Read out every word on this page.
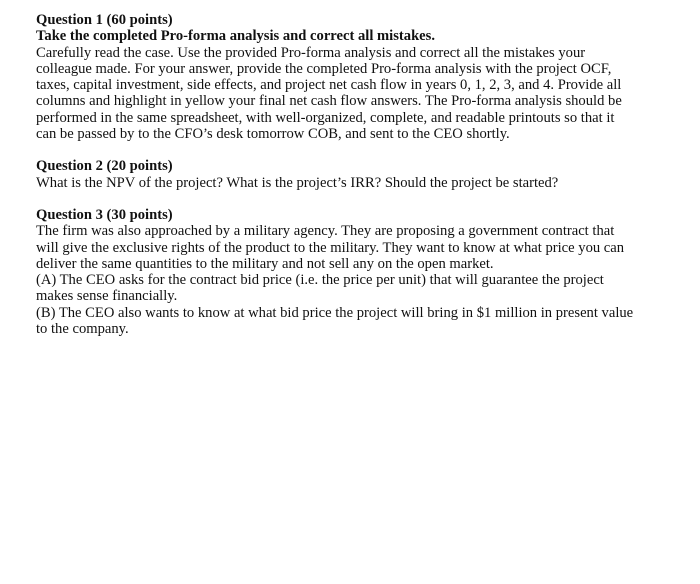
Question 1 (60 points)
Take the completed Pro-forma analysis and correct all mistakes.

Carefully read the case. Use the provided Pro-forma analysis and correct all the mistakes your colleague made. For your answer, provide the completed Pro-forma analysis with the project OCF, taxes, capital investment, side effects, and project net cash flow in years 0, 1, 2, 3, and 4. Provide all columns and highlight in yellow your final net cash flow answers. The Pro-forma analysis should be performed in the same spreadsheet, with well-organized, complete, and readable printouts so that it can be passed by to the CFO’s desk tomorrow COB, and sent to the CEO shortly.

Question 2 (20 points)

What is the NPV of the project? What is the project’s IRR? Should the project be started?

Question 3 (30 points)

The firm was also approached by a military agency. They are proposing a government contract that will give the exclusive rights of the product to the military. They want to know at what price you can deliver the same quantities to the military and not sell any on the open market.

(A) The CEO asks for the contract bid price (i.e. the price per unit) that will guarantee the project makes sense financially.

(B) The CEO also wants to know at what bid price the project will bring in $1 million in present value to the company.
